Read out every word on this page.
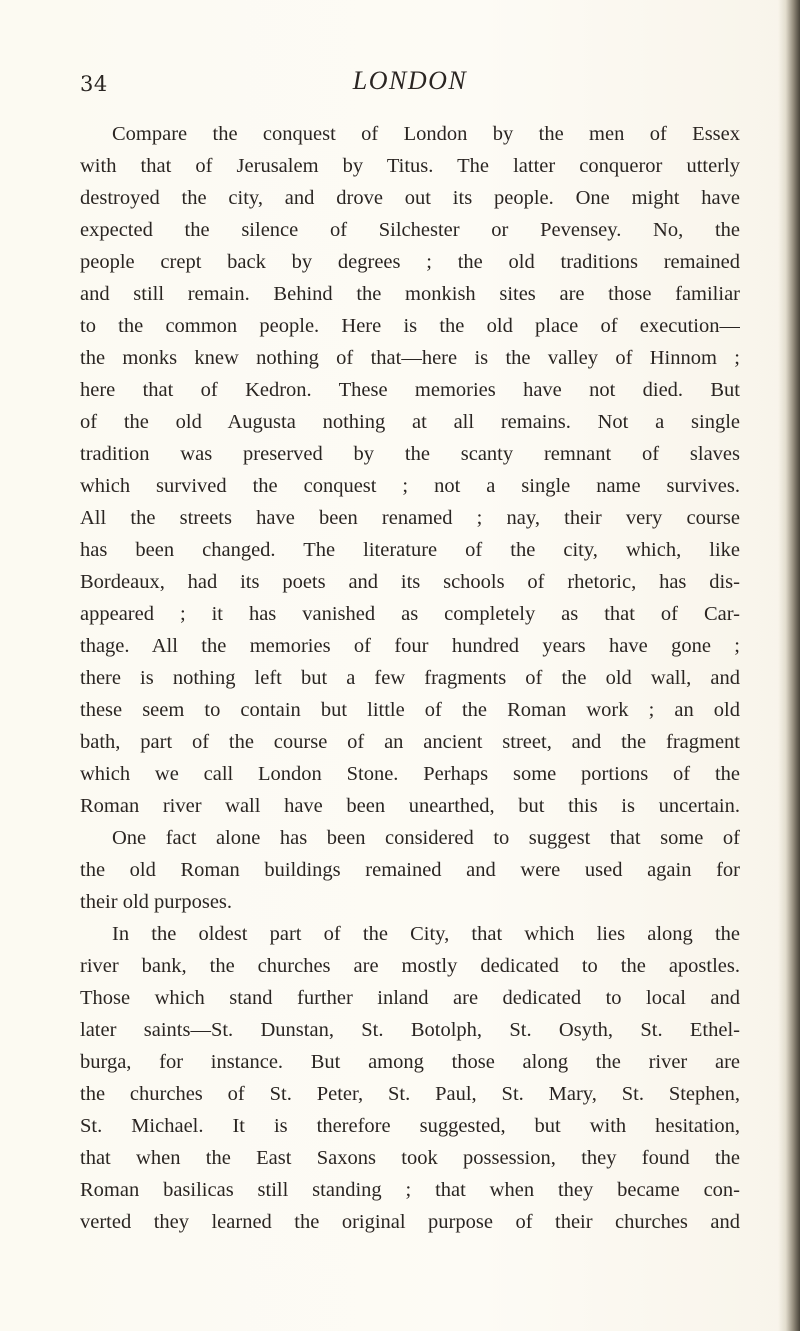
34	LONDON
Compare the conquest of London by the men of Essex
with that of Jerusalem by Titus. The latter conqueror utterly
destroyed the city, and drove out its people. One might have
expected the silence of Silchester or Pevensey. No, the
people crept back by degrees ; the old traditions remained
and still remain. Behind the monkish sites are those familiar
to the common people. Here is the old place of execution—
the monks knew nothing of that—here is the valley of Hinnom ;
here that of Kedron. These memories have not died. But
of the old Augusta nothing at all remains. Not a single
tradition was preserved by the scanty remnant of slaves
which survived the conquest ; not a single name survives.
All the streets have been renamed ; nay, their very course
has been changed. The literature of the city, which, like
Bordeaux, had its poets and its schools of rhetoric, has dis-
appeared ; it has vanished as completely as that of Car-
thage. All the memories of four hundred years have gone ;
there is nothing left but a few fragments of the old wall, and
these seem to contain but little of the Roman work ; an old
bath, part of the course of an ancient street, and the fragment
which we call London Stone. Perhaps some portions of the
Roman river wall have been unearthed, but this is uncertain.
One fact alone has been considered to suggest that some of
the old Roman buildings remained and were used again for
their old purposes.
In the oldest part of the City, that which lies along the
river bank, the churches are mostly dedicated to the apostles.
Those which stand further inland are dedicated to local and
later saints—St. Dunstan, St. Botolph, St. Osyth, St. Ethel-
burga, for instance. But among those along the river are
the churches of St. Peter, St. Paul, St. Mary, St. Stephen,
St. Michael. It is therefore suggested, but with hesitation,
that when the East Saxons took possession, they found the
Roman basilicas still standing ; that when they became con-
verted they learned the original purpose of their churches and
